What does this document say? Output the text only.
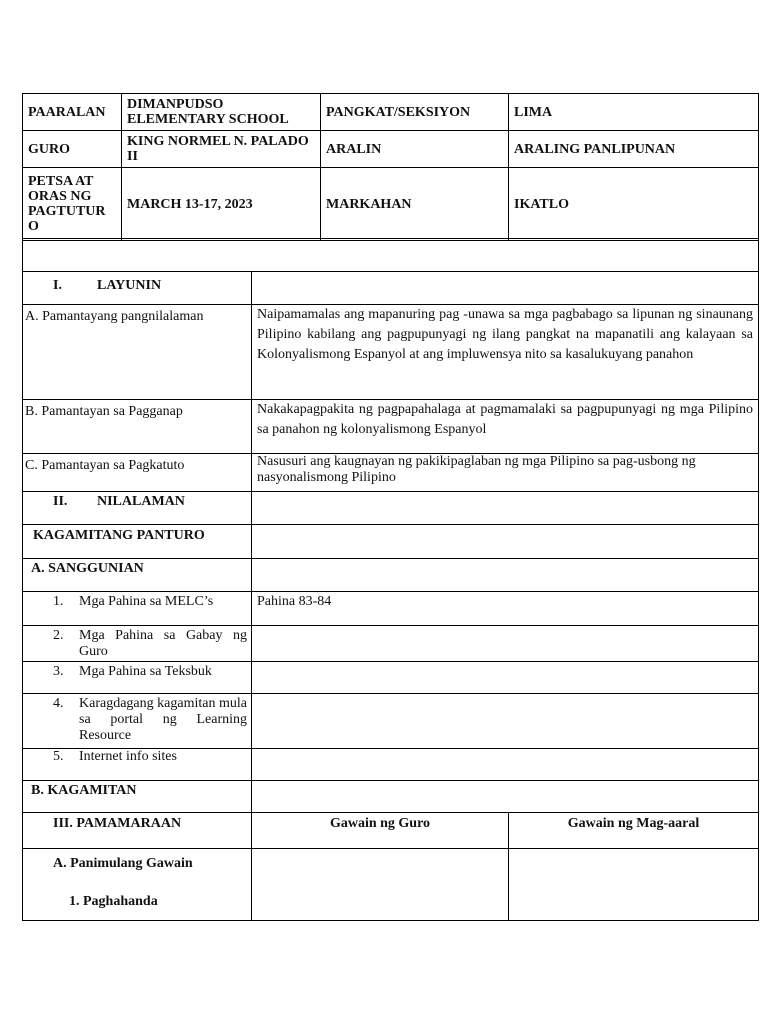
PAARALAN	DIMANPUDSO ELEMENTARY SCHOOL	PANGKAT/SEKSIYON	LIMA
GURO	KING NORMEL N. PALADO II	ARALIN	ARALING PANLIPUNAN
PETSA AT ORAS NG PAGTUTUR O	MARCH 13-17, 2023	MARKAHAN	IKATLO

I. LAYUNIN		
A. Pamantayang pangnilalaman	Naipamamalas ang mapanuring pag -unawa sa mga pagbabago sa lipunan ng sinaunang Pilipino kabilang ang pagpupunyagi ng ilang pangkat na mapanatili ang kalayaan sa Kolonyalismong Espanyol at ang impluwensya nito sa kasalukuyang panahon	
B. Pamantayan sa Pagganap	Nakakapagpakita ng pagpapahalaga at pagmamalaki sa pagpupunyagi ng mga Pilipino sa panahon ng kolonyalismong Espanyol	
C. Pamantayan sa Pagkatuto	Nasusuri ang kaugnayan ng pakikipaglaban ng mga Pilipino sa pag-usbong ng nasyonalismong Pilipino	
II. NILALAMAN		
KAGAMITANG PANTURO		
A. SANGGUNIAN		

1. Mga Pahina sa MELC’s	Pahina 83-84	

2. Mga Pahina sa Gabay ng Guro		

3. Mga Pahina sa Teksbuk		

4. Karagdagang kagamitan mula sa portal ng Learning Resource		

5. Internet info sites		

B. KAGAMITAN		
III. PAMAMARAAN	Gawain ng Guro	Gawain ng Mag-aaral

A. Panimulang Gawain
1. Paghahanda		
